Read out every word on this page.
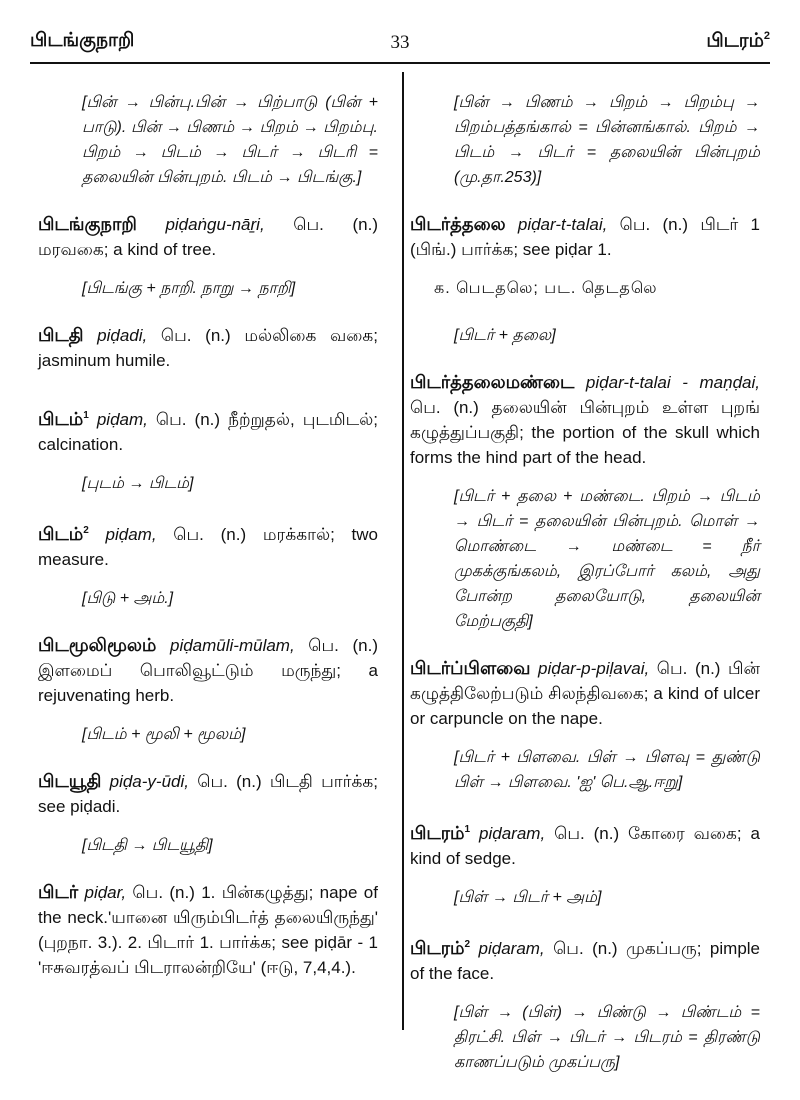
பிடங்குநாறி	33	பிடரம்$^2$
[பின் → பின்பு.பின் → பிற்பாடு (பின் + பாடு). பின் → பிணம் → பிறம் → பிறம்பு. பிறம் → பிடம் → பிடர் → பிடரி = தலையின் பின்புறம். பிடம் → பிடங்கு.]
பிடங்குநாறி piḍaṅgu-nāṟi, பெ. (n.) மரவகை; a kind of tree.
[பிடங்கு + நாறி. நாறு → நாறி]
பிடதி piḍadi, பெ. (n.) மல்லிகை வகை; jasminum humile.
பிடம்$^1$ piḍam, பெ. (n.) நீற்றுதல், புடமிடல்; calcination.
[புடம் → பிடம்]
பிடம்$^2$ piḍam, பெ. (n.) மரக்கால்; two measure.
[பிடு + அம்.]
பிடமூலிமூலம் piḍamūli-mūlam, பெ. (n.) இளமைப் பொலிவூட்டும் மருந்து; a rejuvenating herb.
[பிடம் + மூலி + மூலம்]
பிடயூதி piḍa-y-ūdi, பெ. (n.) பிடதி பார்க்க; see piḍadi.
[பிடதி → பிடயூதி]
பிடர் piḍar, பெ. (n.) 1. பின்கழுத்து; nape of the neck.'யானை யிரும்பிடர்த் தலையிருந்து' (புறநா. 3.). 2. பிடார் 1. பார்க்க; see piḍār - 1 'ஈசுவரத்வப் பிடராலன்றியே' (ஈடு, 7,4,4.).
[பின் → பிணம் → பிறம் → பிறம்பு → பிறம்பத்தங்கால் = பின்னங்கால். பிறம் → பிடம் → பிடர் = தலையின் பின்புறம் (மு.தா.253)]
பிடர்த்தலை piḍar-t-talai, பெ. (n.) பிடர் 1 (பிங்.) பார்க்க; see piḍar 1.
க. பெடதலெ; பட. தெடதலெ
[பிடர் + தலை]
பிடர்த்தலைமண்டை piḍar-t-talai - maṇḍai, பெ. (n.) தலையின் பின்புறம் உள்ள புறங் கழுத்துப்பகுதி; the portion of the skull which forms the hind part of the head.
[பிடர் + தலை + மண்டை. பிறம் → பிடம் → பிடர் = தலையின் பின்புறம். மொள் → மொண்டை → மண்டை = நீர் முகக்குங்கலம், இரப்போர் கலம், அது போன்ற தலையோடு, தலையின் மேற்பகுதி]
பிடர்ப்பிளவை piḍar-p-piḷavai, பெ. (n.) பின் கழுத்திலேற்படும் சிலந்திவகை; a kind of ulcer or carpuncle on the nape.
[பிடர் + பிளவை. பிள் → பிளவு = துண்டு பிள் → பிளவை. 'ஐ' பெ.ஆ.ஈறு]
பிடரம்$^1$ piḍaram, பெ. (n.) கோரை வகை; a kind of sedge.
[பிள் → பிடர் + அம்]
பிடரம்$^2$ piḍaram, பெ. (n.) முகப்பரு; pimple of the face.
[பிள் → (பிள்) → பிண்டு → பிண்டம் = திரட்சி. பிள் → பிடர் → பிடரம் = திரண்டு காணப்படும் முகப்பரு]
